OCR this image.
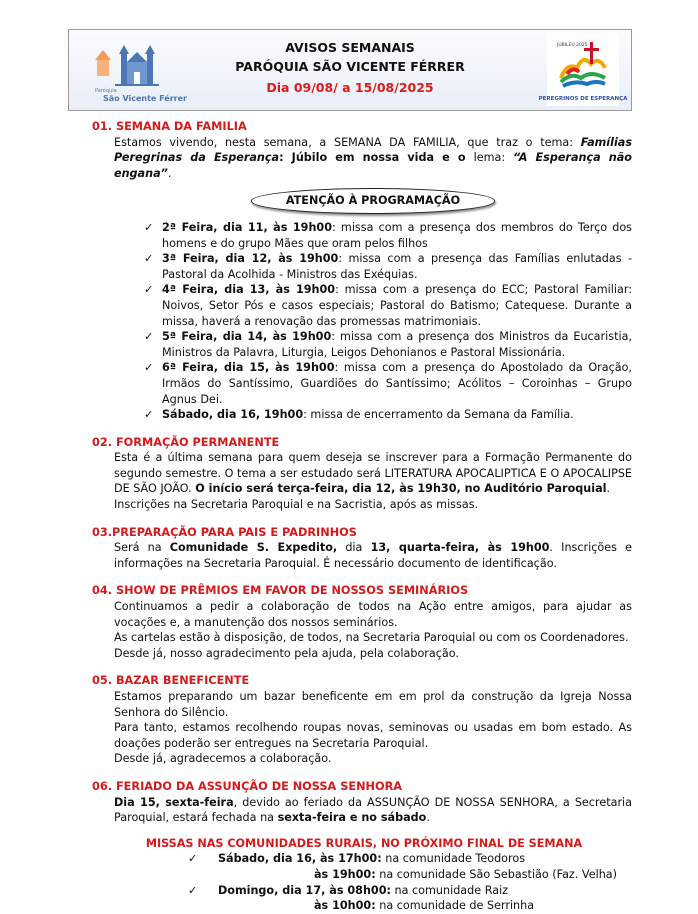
Paróquia
São Vicente Férrer
AVISOS SEMANAIS
PARÓQUIA SÃO VICENTE FÉRRER
Dia 09/08/ a 15/08/2025
PEREGRINOS DE ESPERANÇA
JUBILEU 2025
01. SEMANA DA FAMILIA

Estamos vivendo, nesta semana, a SEMANA DA FAMILIA, que traz o tema: Famílias Peregrinas da Esperança: Júbilo em nossa vida e o lema: “A Esperança não engana”.

ATENÇÃO À PROGRAMAÇÃO
✓ 2ª Feira, dia 11, às 19h00: missa com a presença dos membros do Terço dos homens e do grupo Mães que oram pelos filhos
✓ 3ª Feira, dia 12, às 19h00: missa com a presença das Famílias enlutadas - Pastoral da Acolhida - Ministros das Exéquias.
✓ 4ª Feira, dia 13, às 19h00: missa com a presença do ECC; Pastoral Familiar: Noivos, Setor Pós e casos especiais; Pastoral do Batismo; Catequese. Durante a missa, haverá a renovação das promessas matrimoniais.
✓ 5ª Feira, dia 14, às 19h00: missa com a presença dos Ministros da Eucaristia, Ministros da Palavra, Liturgia, Leigos Dehonianos e Pastoral Missionária.
✓ 6ª Feira, dia 15, às 19h00: missa com a presença do Apostolado da Oração, Irmãos do Santíssimo, Guardiões do Santíssimo; Acólitos – Coroinhas – Grupo Agnus Dei.
✓ Sábado, dia 16, 19h00: missa de encerramento da Semana da Família.
02. FORMAÇÃO PERMANENTE

Esta é a última semana para quem deseja se inscrever para a Formação Permanente do segundo semestre. O tema a ser estudado será LITERATURA APOCALIPTICA E O APOCALIPSE DE SÃO JOÃO. O início será terça-feira, dia 12, às 19h30, no Auditório Paroquial.

Inscrições na Secretaria Paroquial e na Sacristia, após as missas.

03.PREPARAÇÃO PARA PAIS E PADRINHOS

Será na Comunidade S. Expedito, dia 13, quarta-feira, às 19h00. Inscrições e informações na Secretaria Paroquial. É necessário documento de identificação.

04. SHOW DE PRÊMIOS EM FAVOR DE NOSSOS SEMINÁRIOS

Continuamos a pedir a colaboração de todos na Ação entre amigos, para ajudar as vocações e, a manutenção dos nossos seminários.

As cartelas estão à disposição, de todos, na Secretaria Paroquial ou com os Coordenadores.

Desde já, nosso agradecimento pela ajuda, pela colaboração.

05. BAZAR BENEFICENTE

Estamos preparando um bazar beneficente em em prol da construção da Igreja Nossa Senhora do Silêncio.

Para tanto, estamos recolhendo roupas novas, seminovas ou usadas em bom estado. As doações poderão ser entregues na Secretaria Paroquial.

Desde já, agradecemos a colaboração.

06. FERIADO DA ASSUNÇÃO DE NOSSA SENHORA

Dia 15, sexta-feira, devido ao feriado da ASSUNÇÃO DE NOSSA SENHORA, a Secretaria Paroquial, estará fechada na sexta-feira e no sábado.

MISSAS NAS COMUNIDADES RURAIS, NO PRÓXIMO FINAL DE SEMANA
✓ Sábado, dia 16, às 17h00: na comunidade Teodoros
às 19h00: na comunidade São Sebastião (Faz. Velha)
✓ Domingo, dia 17, às 08h00: na comunidade Raiz
às 10h00: na comunidade de Serrinha
